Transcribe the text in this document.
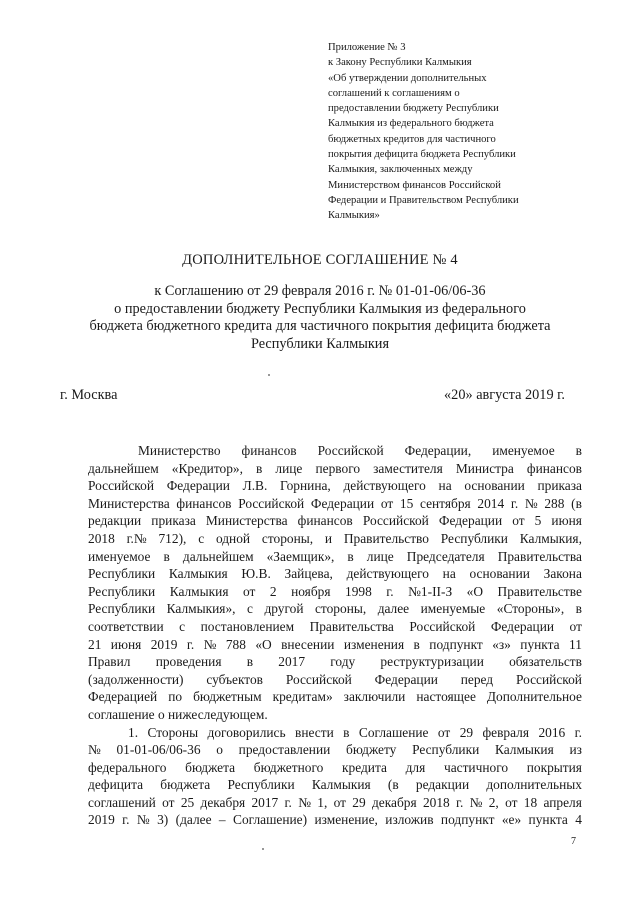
Приложение № 3
к Закону Республики Калмыкия
«Об утверждении дополнительных
соглашений к соглашениям о
предоставлении бюджету Республики
Калмыкия из федерального бюджета
бюджетных кредитов для частичного
покрытия дефицита бюджета Республики
Калмыкия, заключенных между
Министерством финансов Российской
Федерации и Правительством Республики
Калмыкия»
ДОПОЛНИТЕЛЬНОЕ СОГЛАШЕНИЕ № 4
к Соглашению от 29 февраля 2016 г. № 01-01-06/06-36
о предоставлении бюджету Республики Калмыкия из федерального
бюджета бюджетного кредита для частичного покрытия дефицита бюджета
Республики Калмыкия
г. Москва	«20» августа 2019 г.
Министерство финансов Российской Федерации, именуемое в
дальнейшем «Кредитор», в лице первого заместителя Министра финансов
Российской Федерации Л.В. Горнина, действующего на основании приказа
Министерства финансов Российской Федерации от 15 сентября 2014 г. № 288 (в
редакции приказа Министерства финансов Российской Федерации от 5 июня
2018 г.№ 712), с одной стороны, и Правительство Республики Калмыкия,
именуемое в дальнейшем «Заемщик», в лице Председателя Правительства
Республики Калмыкия Ю.В. Зайцева, действующего на основании Закона
Республики Калмыкия от 2 ноября 1998 г. №1-II-З «О Правительстве
Республики Калмыкия», с другой стороны, далее именуемые «Стороны», в
соответствии с постановлением Правительства Российской Федерации от
21 июня 2019 г. № 788 «О внесении изменения в подпункт «з» пункта 11
Правил проведения в 2017 году реструктуризации обязательств
(задолженности) субъектов Российской Федерации перед Российской
Федерацией по бюджетным кредитам» заключили настоящее Дополнительное
соглашение о нижеследующем.
1. Стороны договорились внести в Соглашение от 29 февраля 2016 г.
№ 01-01-06/06-36 о предоставлении бюджету Республики Калмыкия из
федерального бюджета бюджетного кредита для частичного покрытия
дефицита бюджета Республики Калмыкия (в редакции дополнительных
соглашений от 25 декабря 2017 г. № 1, от 29 декабря 2018 г. № 2, от 18 апреля
2019 г. № 3) (далее – Соглашение) изменение, изложив подпункт «е» пункта 4
7
